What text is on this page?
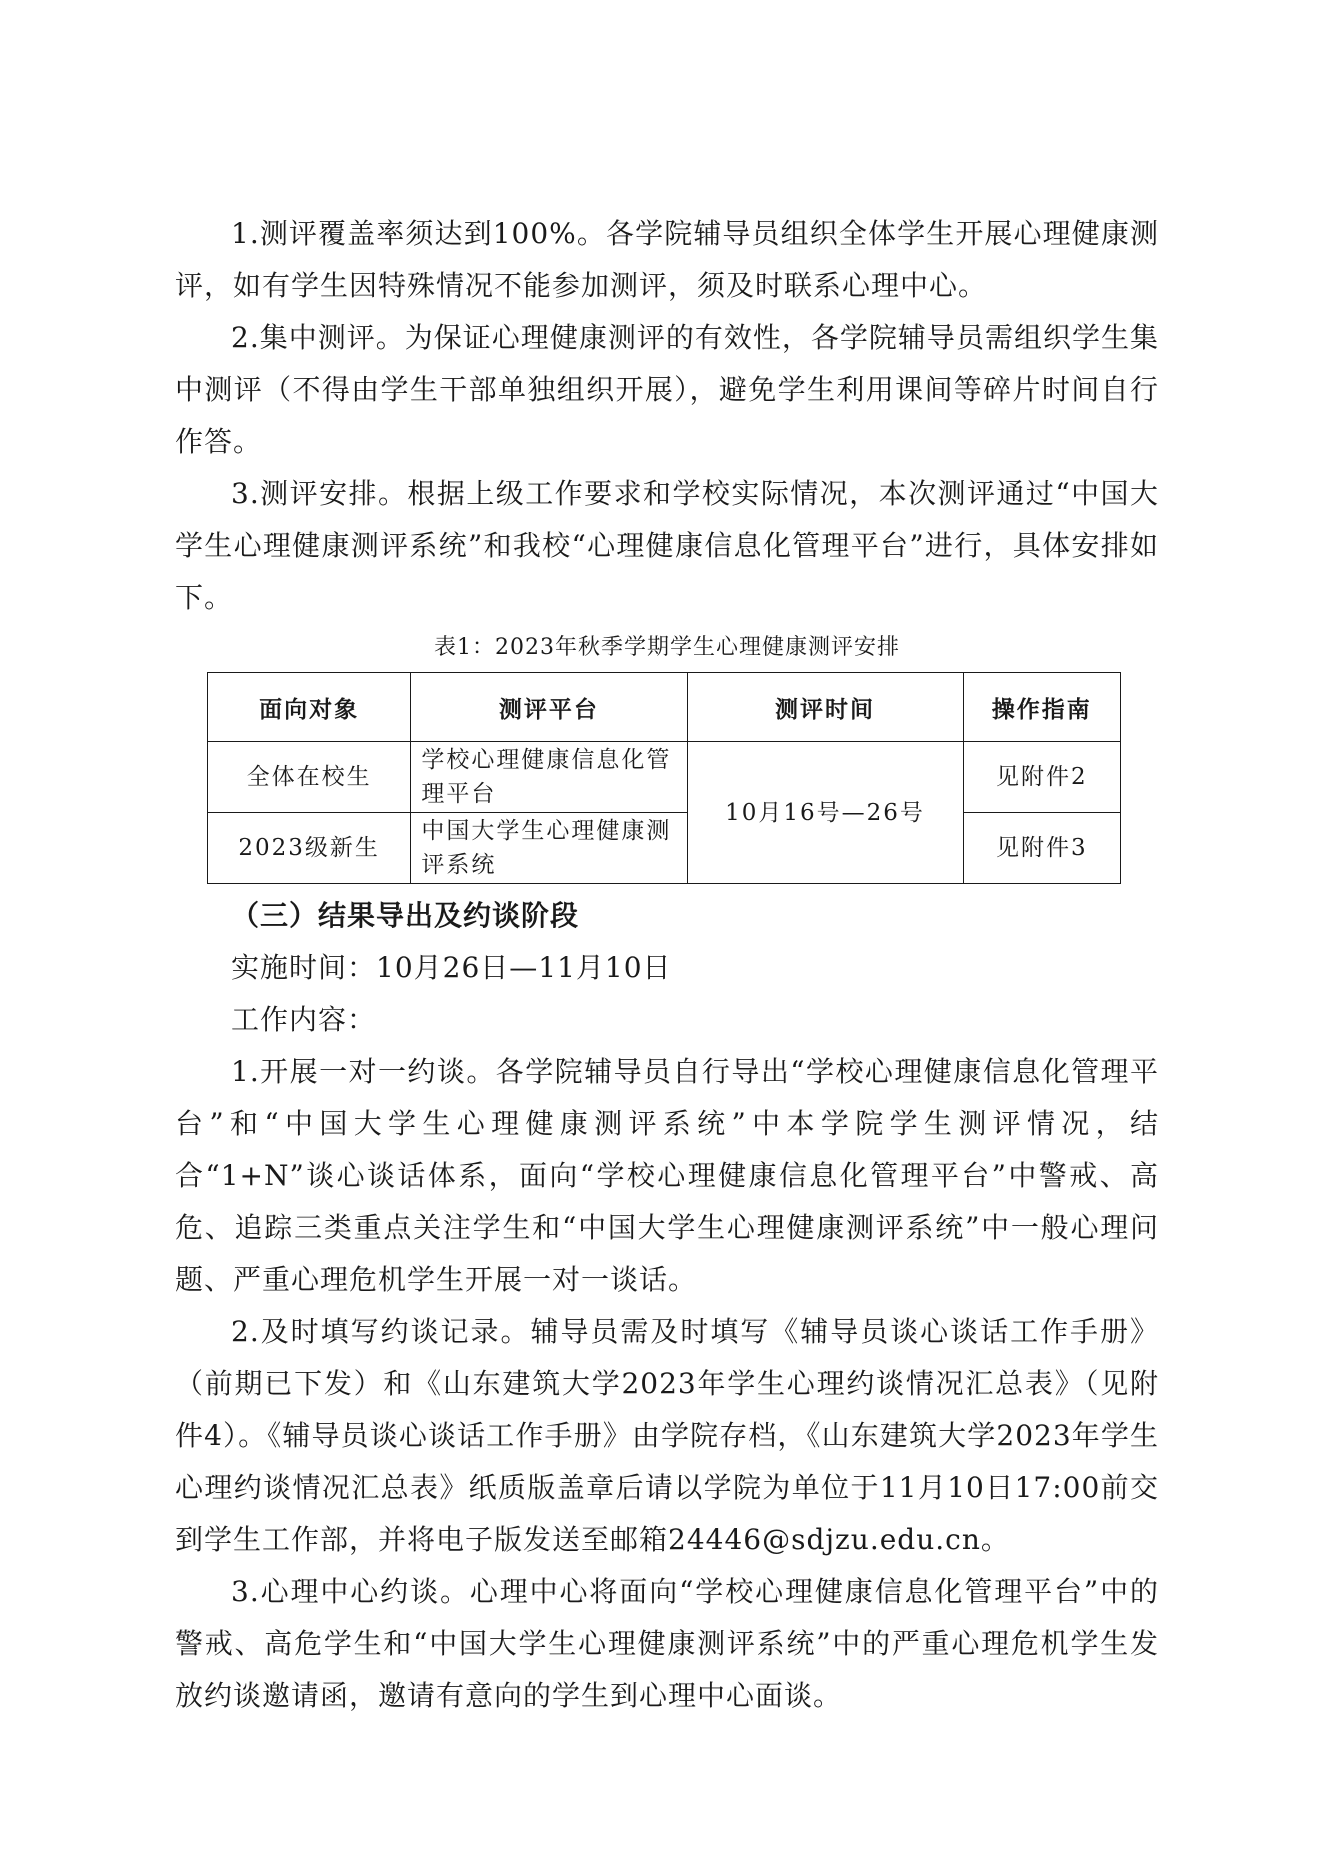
1.测评覆盖率须达到100%。各学院辅导员组织全体学生开展心理健康测评，如有学生因特殊情况不能参加测评，须及时联系心理中心。

2.集中测评。为保证心理健康测评的有效性，各学院辅导员需组织学生集中测评（不得由学生干部单独组织开展），避免学生利用课间等碎片时间自行作答。

3.测评安排。根据上级工作要求和学校实际情况，本次测评通过“中国大学生心理健康测评系统”和我校“心理健康信息化管理平台”进行，具体安排如下。

表1：2023年秋季学期学生心理健康测评安排
面向对象	测评平台	测评时间	操作指南
全体在校生	学校心理健康信息化管理平台	10月16号—26号	见附件2
2023级新生	中国大学生心理健康测评系统		见附件3

（三）结果导出及约谈阶段

实施时间：10月26日—11月10日

工作内容：

1.开展一对一约谈。各学院辅导员自行导出“学校心理健康信息化管理平台”和“中国大学生心理健康测评系统”中本学院学生测评情况，结合“1+N”谈心谈话体系，面向“学校心理健康信息化管理平台”中警戒、高危、追踪三类重点关注学生和“中国大学生心理健康测评系统”中一般心理问题、严重心理危机学生开展一对一谈话。

2.及时填写约谈记录。辅导员需及时填写《辅导员谈心谈话工作手册》（前期已下发）和《山东建筑大学2023年学生心理约谈情况汇总表》（见附件4）。《辅导员谈心谈话工作手册》由学院存档，《山东建筑大学2023年学生心理约谈情况汇总表》纸质版盖章后请以学院为单位于11月10日17:00前交到学生工作部，并将电子版发送至邮箱24446@sdjzu.edu.cn。

3.心理中心约谈。心理中心将面向“学校心理健康信息化管理平台”中的警戒、高危学生和“中国大学生心理健康测评系统”中的严重心理危机学生发放约谈邀请函，邀请有意向的学生到心理中心面谈。
